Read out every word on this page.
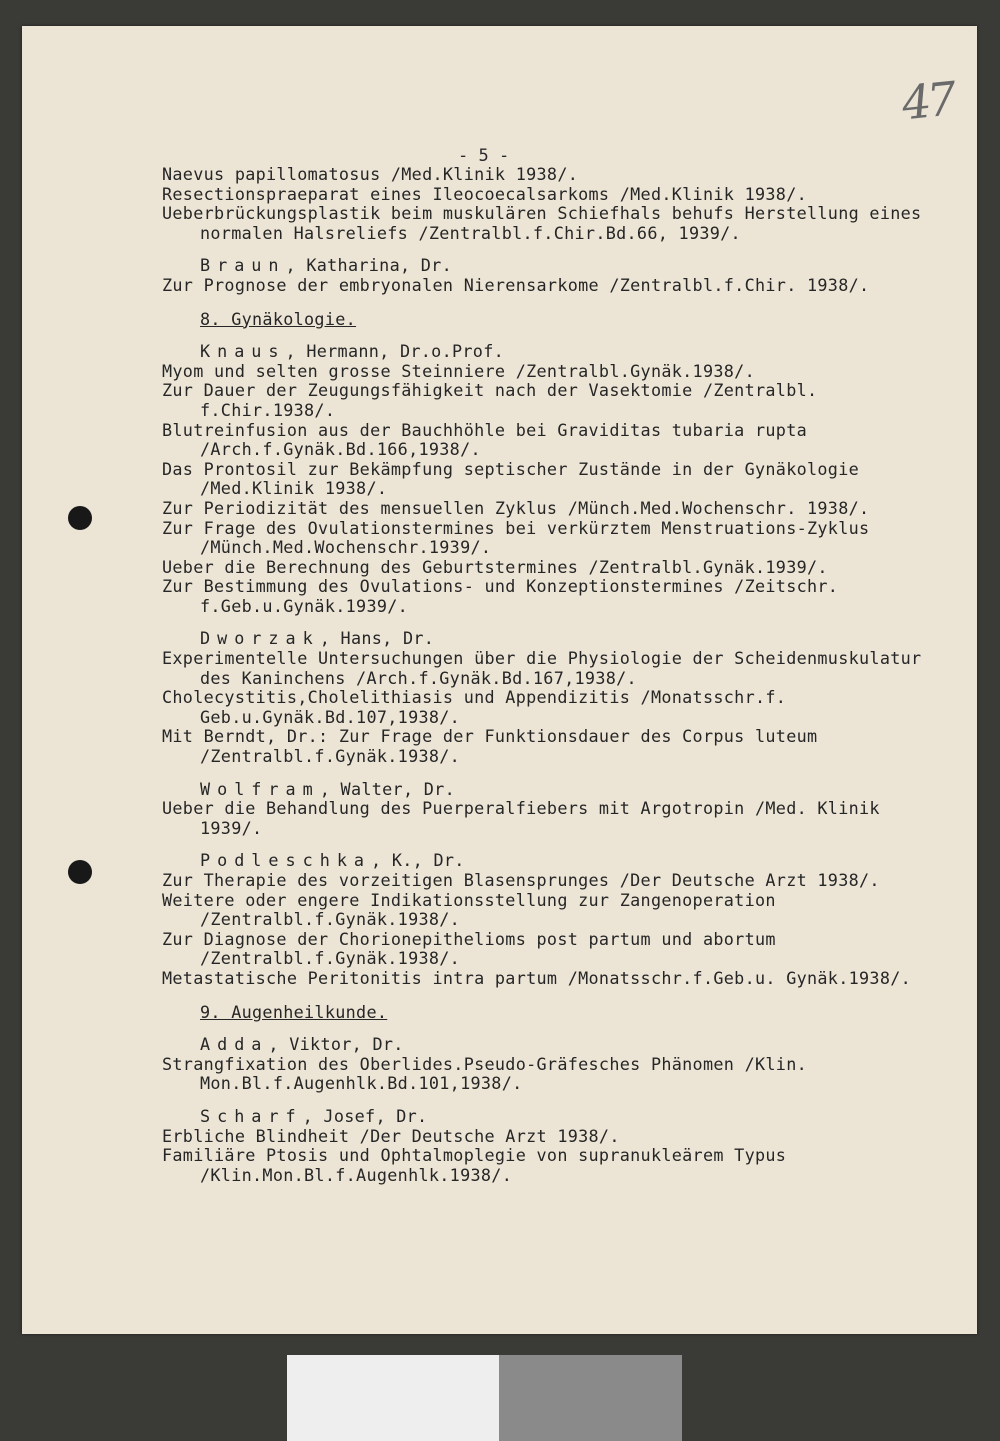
47
- 5 -
Naevus papillomatosus /Med.Klinik 1938/.
Resectionspraeparat eines Ileocoecalsarkoms /Med.Klinik 1938/.
Ueberbrückungsplastik beim muskulären Schiefhals behufs Herstellung eines normalen Halsreliefs /Zentralbl.f.Chir.Bd.66, 1939/.
Braun, Katharina, Dr.
Zur Prognose der embryonalen Nierensarkome /Zentralbl.f.Chir. 1938/.
8. Gynäkologie.
Knaus, Hermann, Dr.o.Prof.
Myom und selten grosse Steinniere /Zentralbl.Gynäk.1938/.
Zur Dauer der Zeugungsfähigkeit nach der Vasektomie /Zentralbl. f.Chir.1938/.
Blutreinfusion aus der Bauchhöhle bei Graviditas tubaria rupta /Arch.f.Gynäk.Bd.166,1938/.
Das Prontosil zur Bekämpfung septischer Zustände in der Gynäkologie /Med.Klinik 1938/.
Zur Periodizität des mensuellen Zyklus /Münch.Med.Wochenschr. 1938/.
Zur Frage des Ovulationstermines bei verkürztem Menstruations-Zyklus /Münch.Med.Wochenschr.1939/.
Ueber die Berechnung des Geburtstermines /Zentralbl.Gynäk.1939/.
Zur Bestimmung des Ovulations- und Konzeptionstermines /Zeitschr. f.Geb.u.Gynäk.1939/.
Dworzak, Hans, Dr.
Experimentelle Untersuchungen über die Physiologie der Scheidenmuskulatur des Kaninchens /Arch.f.Gynäk.Bd.167,1938/.
Cholecystitis,Cholelithiasis und Appendizitis /Monatsschr.f. Geb.u.Gynäk.Bd.107,1938/.
Mit Berndt, Dr.: Zur Frage der Funktionsdauer des Corpus luteum /Zentralbl.f.Gynäk.1938/.
Wolfram, Walter, Dr.
Ueber die Behandlung des Puerperalfiebers mit Argotropin /Med. Klinik 1939/.
Podleschka, K., Dr.
Zur Therapie des vorzeitigen Blasensprunges /Der Deutsche Arzt 1938/.
Weitere oder engere Indikationsstellung zur Zangenoperation /Zentralbl.f.Gynäk.1938/.
Zur Diagnose der Chorionepithelioms post partum und abortum /Zentralbl.f.Gynäk.1938/.
Metastatische Peritonitis intra partum /Monatsschr.f.Geb.u. Gynäk.1938/.
9. Augenheilkunde.
Adda, Viktor, Dr.
Strangfixation des Oberlides.Pseudo-Gräfesches Phänomen /Klin. Mon.Bl.f.Augenhlk.Bd.101,1938/.
Scharf, Josef, Dr.
Erbliche Blindheit /Der Deutsche Arzt 1938/.
Familiäre Ptosis und Ophtalmoplegie von supranukleärem Typus /Klin.Mon.Bl.f.Augenhlk.1938/.
